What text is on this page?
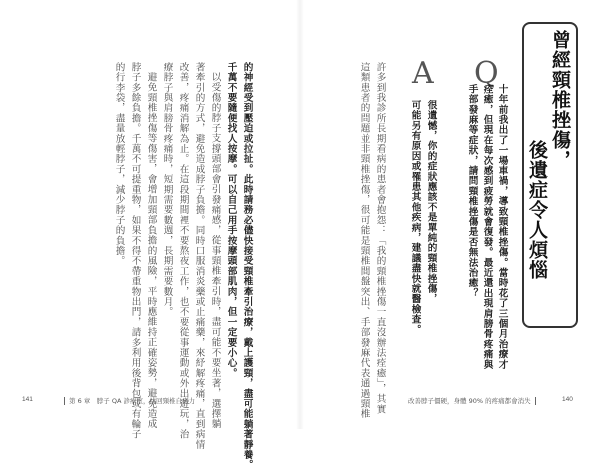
曾經頸椎挫傷，
後遺症令人煩惱
Q
十年前我出了一場車禍，導致頸椎挫傷。當時花了三個月治療才
痊癒，但現在每次感到疲勞就會復發。最近還出現肩膀骨疼痛與
手部發麻等症狀，請問頸椎挫傷是否無法治癒？
A
很遺憾，你的症狀應該不是單純的頸椎挫傷，
可能另有原因或罹患其他疾病，建議盡快就醫檢查。
許多到我診所長期看病的患者會抱怨：「我的頸椎挫傷一直沒辦法痊癒」，其實
這類患者的問題並非頸椎挫傷，很可能是頸椎間盤突出、手部發麻代表通過頸椎
的神經受到壓迫或拉扯。此時請務必儘快接受頸椎牽引治療，戴上護頸，盡可能躺著靜養。
千萬不要隨便找人按摩。可以自己用手按摩頭部肌肉，但一定要小心。
以受傷的脖子支撐頭部會引發痛感，從事頸椎牽引時，盡可能不要坐著，選擇躺
著牽引的方式，避免造成脖子負擔。同時口服消炎藥或止痛藥，來紓解疼痛，直到病情
改善，疼痛消解為止。在這段期間裡不要熬夜工作，也不要從事運動或外出遊玩，治
療脖子與肩膀骨疼痛時，短期需要數週，長期需要數月。
避免頸椎挫傷等傷害，會增加頸部負擔的風險，平時應維持正確姿勢，避免造成
脖子多餘負擔。千萬不可提重物，如果不得不帶重物出門，請多利用後背包或有輪子
的行李袋，盡量放輕脖子，減少脖子的負擔。
141	第 6 章　脖子 QA 診療室，找回頸椎自癒力	改善脖子僵硬，身體 90% 的疼痛都會消失	140
